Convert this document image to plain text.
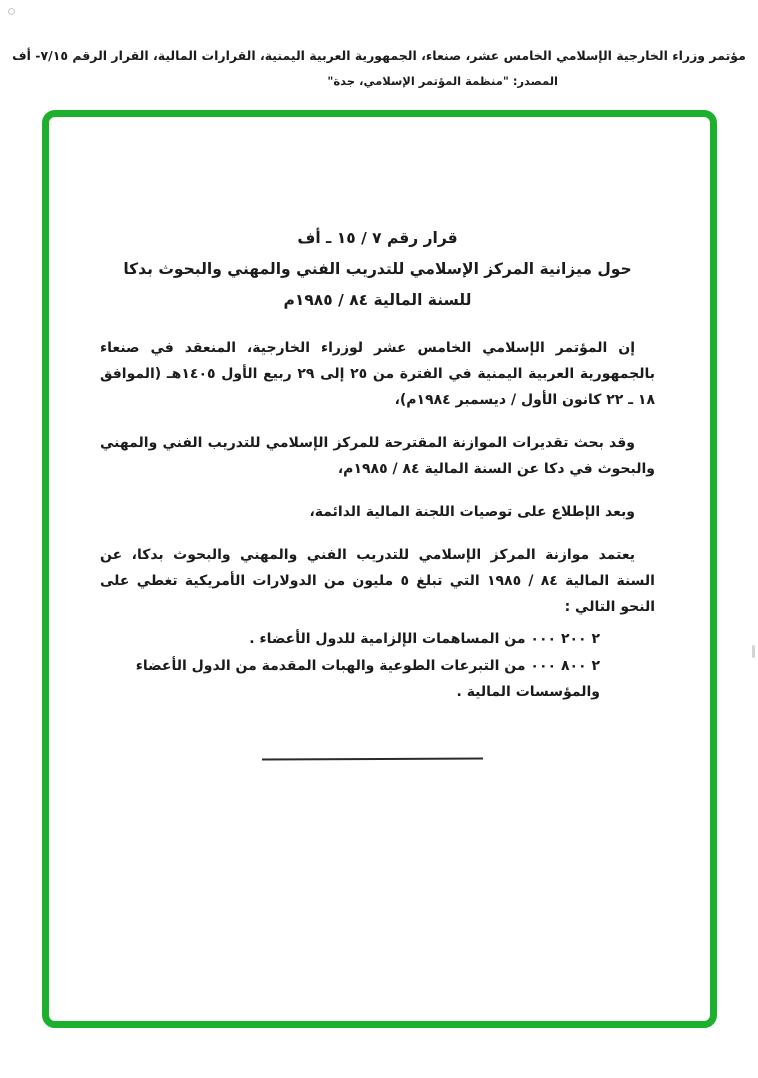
مؤتمر وزراء الخارجية الإسلامي الخامس عشر، صنعاء، الجمهورية العربية اليمنية، القرارات المالية، القرار الرقم ٧/١٥- أف
المصدر: "منظمة المؤتمر الإسلامي، جدة"
قرار رقم ٧ / ١٥ ـ أف
حول ميزانية المركز الإسلامي للتدريب الفني والمهني والبحوث بدكا
للسنة المالية ٨٤ / ١٩٨٥م

إن المؤتمر الإسلامي الخامس عشر لوزراء الخارجية، المنعقد في صنعاء بالجمهورية العربية اليمنية في الفترة من ٢٥ إلى ٢٩ ربيع الأول ١٤٠٥هـ (الموافق ١٨ ـ ٢٢ كانون الأول / ديسمبر ١٩٨٤م)،

وقد بحث تقديرات الموازنة المقترحة للمركز الإسلامي للتدريب الفني والمهني والبحوث في دكا عن السنة المالية ٨٤ / ١٩٨٥م،

وبعد الإطلاع على توصيات اللجنة المالية الدائمة،

يعتمد موازنة المركز الإسلامي للتدريب الفني والمهني والبحوث بدكا، عن السنة المالية ٨٤ / ١٩٨٥ التي تبلغ ٥ مليون من الدولارات الأمريكية تغطي على النحو التالي :

٢ ٢٠٠ ٠٠٠ من المساهمات الإلزامية للدول الأعضاء .
٢ ٨٠٠ ٠٠٠ من التبرعات الطوعية والهبات المقدمة من الدول الأعضاء والمؤسسات المالية .
